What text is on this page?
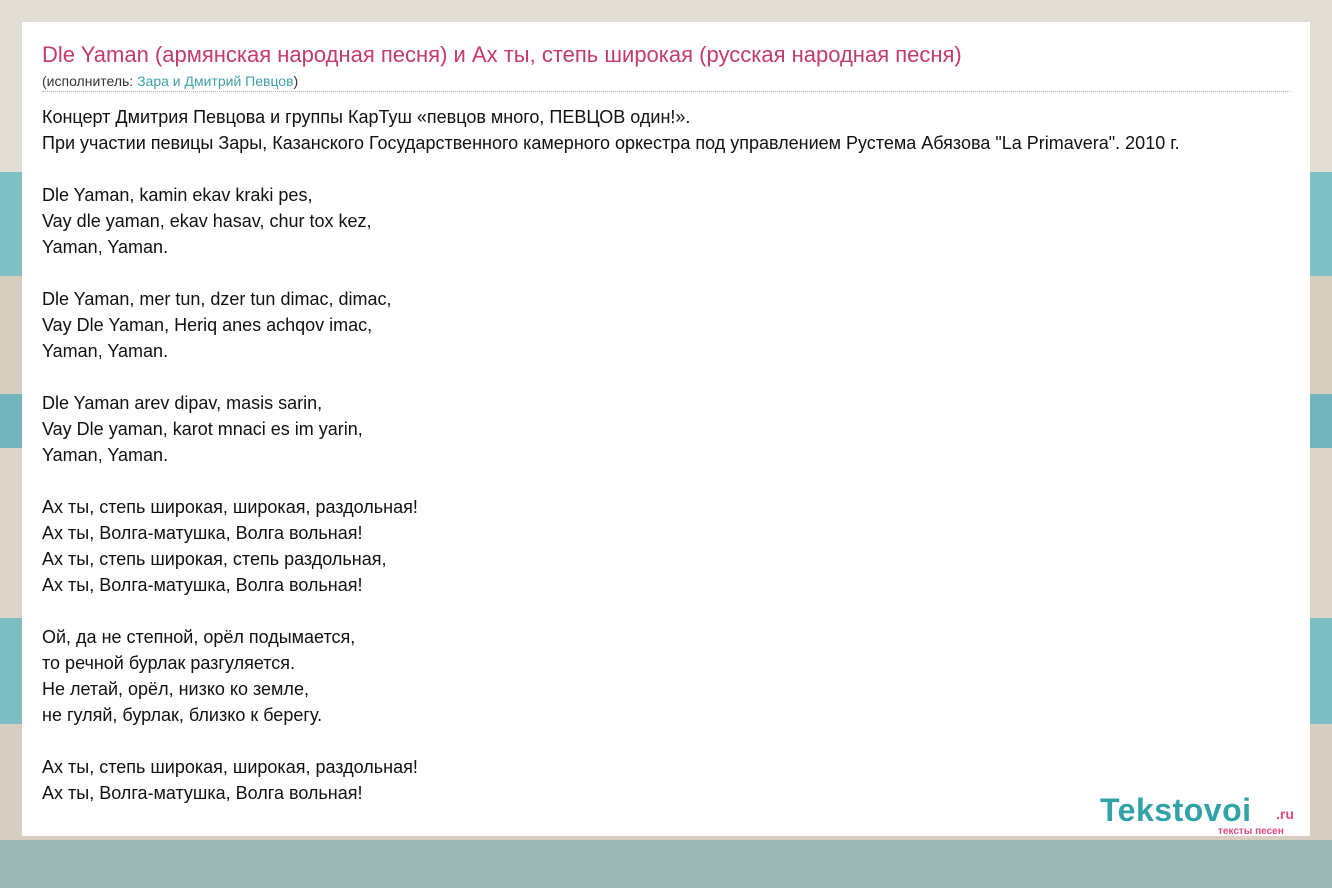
Dle Yaman (армянская народная песня) и Ах ты, степь широкая (русская народная песня)
(исполнитель: Зара и Дмитрий Певцов)
Концерт Дмитрия Певцова и группы КарТуш «певцов много, ПЕВЦОВ один!».
При участии певицы Зары, Казанского Государственного камерного оркестра под управлением Рустема Абязова "La Primavera". 2010 г.
Dle Yaman, kamin ekav kraki pes,
Vay dle yaman, ekav hasav, chur tox kez,
Yaman, Yaman.
Dle Yaman, mer tun, dzer tun dimac, dimac,
Vay Dle Yaman, Heriq anes achqov imac,
Yaman, Yaman.
Dle Yaman arev dipav, masis sarin,
Vay Dle yaman, karot mnaci es im yarin,
Yaman, Yaman.
Ах ты, степь широкая, широкая, раздольная!
Ах ты, Волга-матушка, Волга вольная!
Ах ты, степь широкая, степь раздольная,
Ах ты, Волга-матушка, Волга вольная!
Ой, да не степной, орёл подымается,
то речной бурлак разгуляется.
Не летай, орёл, низко ко земле,
не гуляй, бурлак, близко к берегу.
Ах ты, степь широкая, широкая, раздольная!
Ах ты, Волга-матушка, Волга вольная!	Tekstovoi .ru
тексты песен
